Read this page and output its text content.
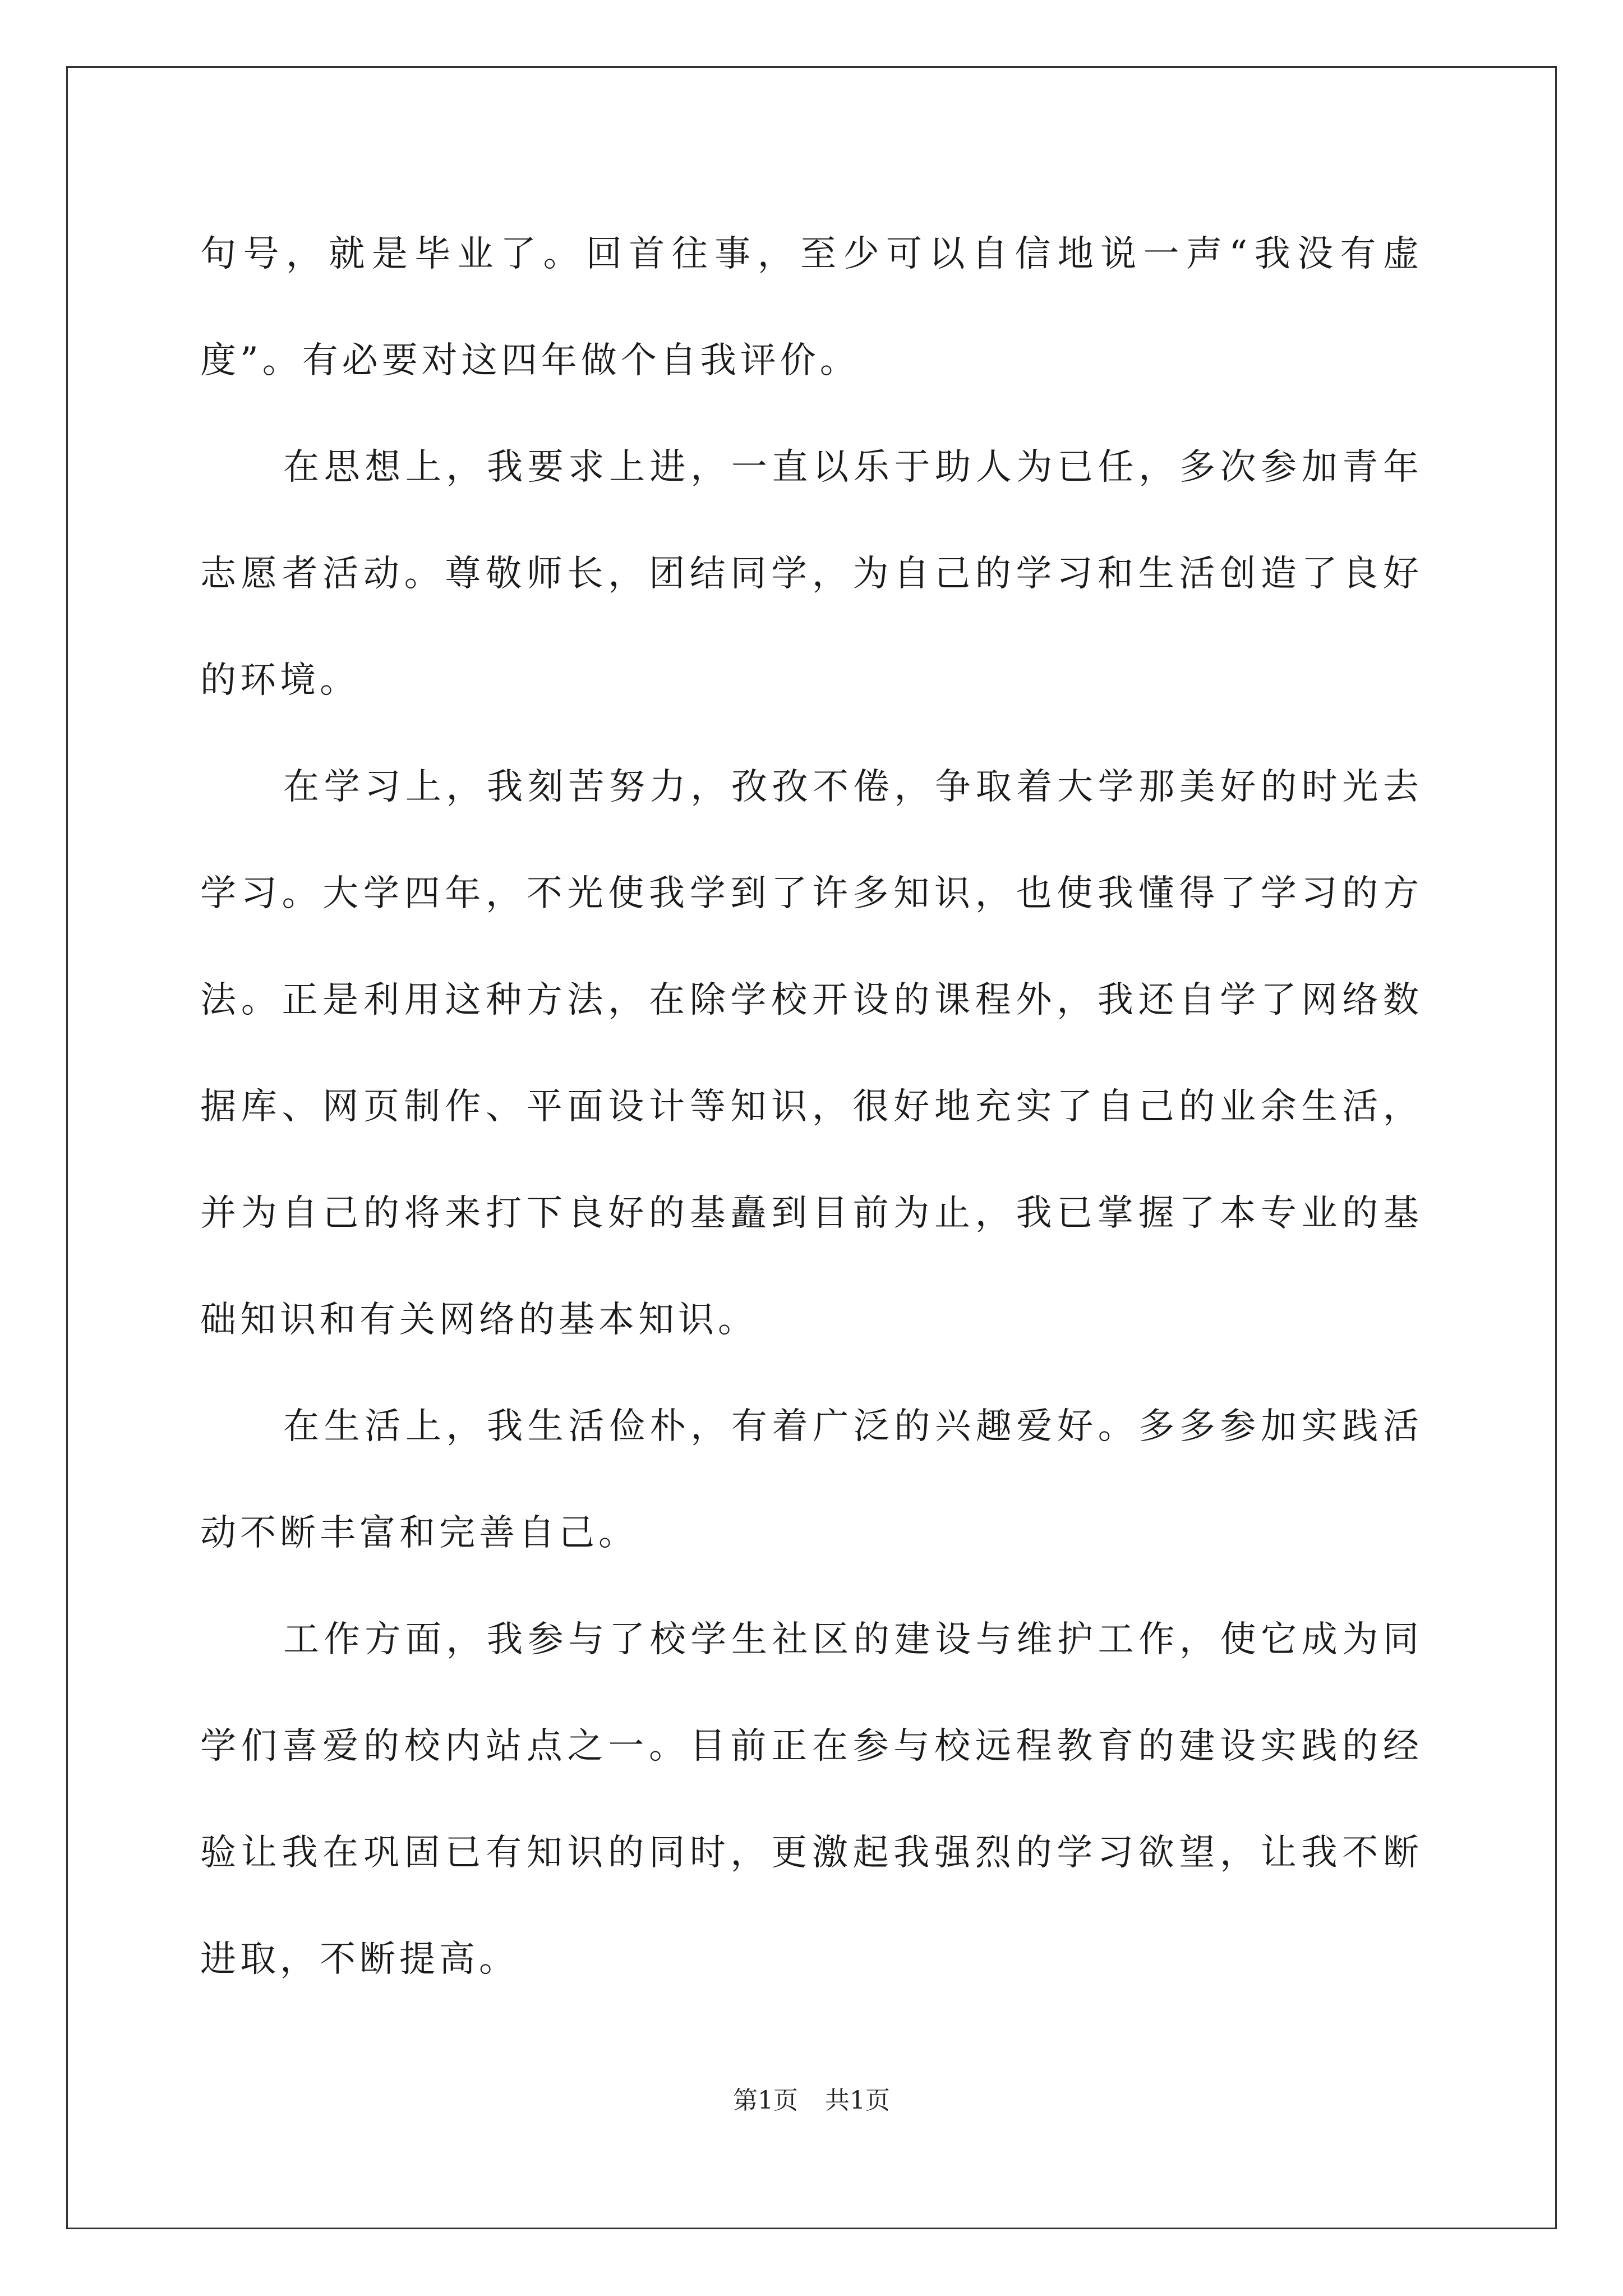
句号，就是毕业了。回首往事，至少可以自信地说一声“我没有虚度”。有必要对这四年做个自我评价。

在思想上，我要求上进，一直以乐于助人为已任，多次参加青年志愿者活动。尊敬师长，团结同学，为自己的学习和生活创造了良好的环境。

在学习上，我刻苦努力，孜孜不倦，争取着大学那美好的时光去学习。大学四年，不光使我学到了许多知识，也使我懂得了学习的方法。正是利用这种方法，在除学校开设的课程外，我还自学了网络数据库、网页制作、平面设计等知识，很好地充实了自己的业余生活，并为自己的将来打下良好的基矗到目前为止，我已掌握了本专业的基础知识和有关网络的基本知识。

在生活上，我生活俭朴，有着广泛的兴趣爱好。多多参加实践活动不断丰富和完善自己。

工作方面，我参与了校学生社区的建设与维护工作，使它成为同学们喜爱的校内站点之一。目前正在参与校远程教育的建设实践的经验让我在巩固已有知识的同时，更激起我强烈的学习欲望，让我不断进取，不断提高。

第1页 共1页
